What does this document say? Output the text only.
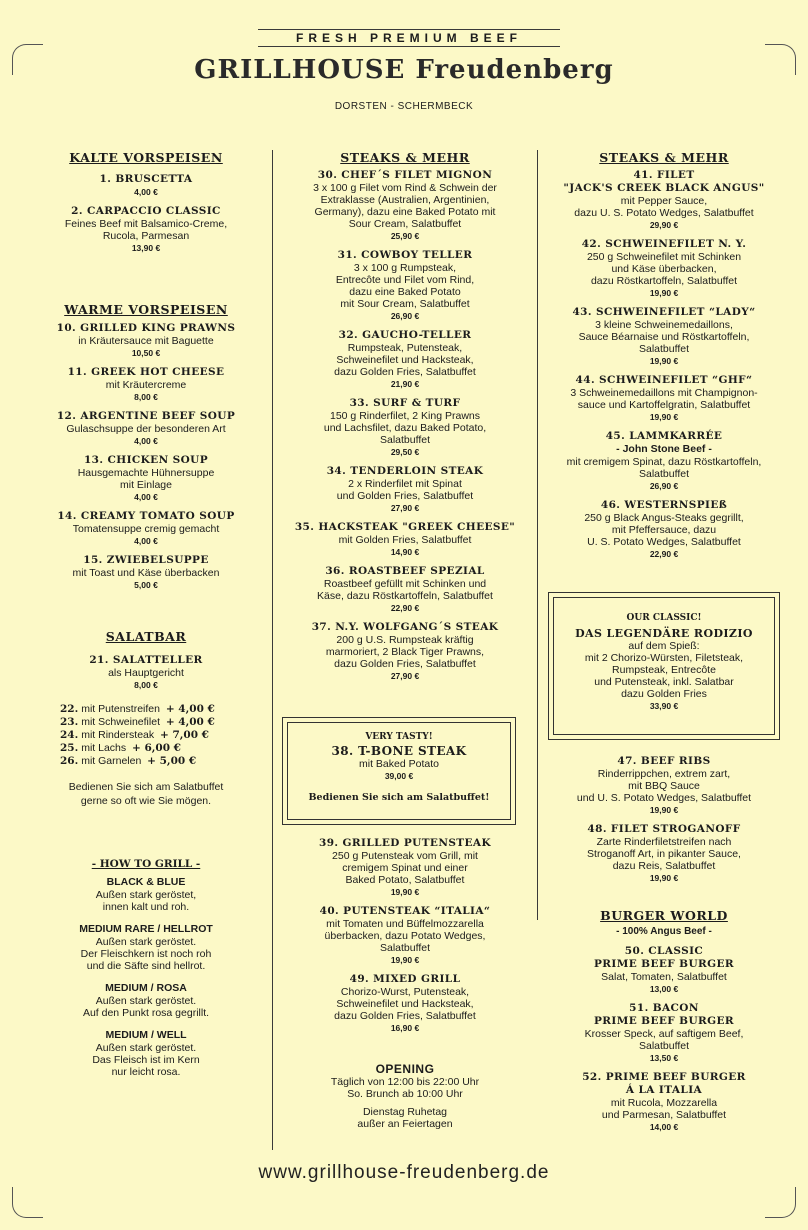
FRESH PREMIUM BEEF
GRILLHOUSE Freudenberg
DORSTEN - SCHERMBECK
KALTE VORSPEISEN
1. BRUSCETTA
4,00 €
2. CARPACCIO CLASSIC
Feines Beef mit Balsamico-Creme,
Rucola, Parmesan
13,90 €
WARME VORSPEISEN
10. GRILLED KING PRAWNS
in Kräutersauce mit Baguette
10,50 €
11. GREEK HOT CHEESE
mit Kräutercreme
8,00 €
12. ARGENTINE BEEF SOUP
Gulaschsuppe der besonderen Art
4,00 €
13. CHICKEN SOUP
Hausgemachte Hühnersuppe
mit Einlage
4,00 €
14. CREAMY TOMATO SOUP
Tomatensuppe cremig gemacht
4,00 €
15. ZWIEBELSUPPE
mit Toast und Käse überbacken
5,00 €
SALATBAR
21. SALATTELLER
als Hauptgericht
8,00 €
22. mit Putenstreifen + 4,00 €
23. mit Schweinefilet + 4,00 €
24. mit Rindersteak + 7,00 €
25. mit Lachs + 6,00 €
26. mit Garnelen + 5,00 €
Bedienen Sie sich am Salatbuffet
gerne so oft wie Sie mögen.
- HOW TO GRILL -
BLACK & BLUE
Außen stark geröstet,
innen kalt und roh.
MEDIUM RARE / HELLROT
Außen stark geröstet.
Der Fleischkern ist noch roh
und die Säfte sind hellrot.
MEDIUM / ROSA
Außen stark geröstet.
Auf den Punkt rosa gegrillt.
MEDIUM / WELL
Außen stark geröstet.
Das Fleisch ist im Kern
nur leicht rosa.
STEAKS & MEHR
30. CHEF´S FILET MIGNON
3 x 100 g Filet vom Rind & Schwein der
Extraklasse (Australien, Argentinien,
Germany), dazu eine Baked Potato mit
Sour Cream, Salatbuffet
25,90 €
31. COWBOY TELLER
3 x 100 g Rumpsteak,
Entrecôte und Filet vom Rind,
dazu eine Baked Potato
mit Sour Cream, Salatbuffet
26,90 €
32. GAUCHO-TELLER
Rumpsteak, Putensteak,
Schweinefilet und Hacksteak,
dazu Golden Fries, Salatbuffet
21,90 €
33. SURF & TURF
150 g Rinderfilet, 2 King Prawns
und Lachsfilet, dazu Baked Potato,
Salatbuffet
29,50 €
34. TENDERLOIN STEAK
2 x Rinderfilet mit Spinat
und Golden Fries, Salatbuffet
27,90 €
35. HACKSTEAK "GREEK CHEESE"
mit Golden Fries, Salatbuffet
14,90 €
36. ROASTBEEF SPEZIAL
Roastbeef gefüllt mit Schinken und
Käse, dazu Röstkartoffeln, Salatbuffet
22,90 €
37. N.Y. WOLFGANG´S STEAK
200 g U.S. Rumpsteak kräftig
marmoriert, 2 Black Tiger Prawns,
dazu Golden Fries, Salatbuffet
27,90 €
VERY TASTY!
38. T-BONE STEAK
mit Baked Potato
39,00 €
Bedienen Sie sich am Salatbuffet!
39. GRILLED PUTENSTEAK
250 g Putensteak vom Grill, mit
cremigem Spinat und einer
Baked Potato, Salatbuffet
19,90 €
40. PUTENSTEAK “ITALIA“
mit Tomaten und Büffelmozzarella
überbacken, dazu Potato Wedges,
Salatbuffet
19,90 €
49. MIXED GRILL
Chorizo-Wurst, Putensteak,
Schweinefilet und Hacksteak,
dazu Golden Fries, Salatbuffet
16,90 €
OPENING
Täglich von 12:00 bis 22:00 Uhr
So. Brunch ab 10:00 Uhr
Dienstag Ruhetag
außer an Feiertagen
STEAKS & MEHR
41. FILET
"JACK'S CREEK BLACK ANGUS"
mit Pepper Sauce,
dazu U. S. Potato Wedges, Salatbuffet
29,90 €
42. SCHWEINEFILET N. Y.
250 g Schweinefilet mit Schinken
und Käse überbacken,
dazu Röstkartoffeln, Salatbuffet
19,90 €
43. SCHWEINEFILET “LADY“
3 kleine Schweinemedaillons,
Sauce Béarnaise und Röstkartoffeln,
Salatbuffet
19,90 €
44. SCHWEINEFILET “GHF“
3 Schweinemedaillons mit Champignon-
sauce und Kartoffelgratin, Salatbuffet
19,90 €
45. LAMMKARRÉE
- John Stone Beef -
mit cremigem Spinat, dazu Röstkartoffeln,
Salatbuffet
26,90 €
46. WESTERNSPIEß
250 g Black Angus-Steaks gegrillt,
mit Pfeffersauce, dazu
U. S. Potato Wedges, Salatbuffet
22,90 €
OUR CLASSIC!
DAS LEGENDÄRE RODIZIO
auf dem Spieß:
mit 2 Chorizo-Würsten, Filetsteak,
Rumpsteak, Entrecôte
und Putensteak, inkl. Salatbar
dazu Golden Fries
33,90 €
47. BEEF RIBS
Rinderrippchen, extrem zart,
mit BBQ Sauce
und U. S. Potato Wedges, Salatbuffet
19,90 €
48. FILET STROGANOFF
Zarte Rinderfiletstreifen nach
Stroganoff Art, in pikanter Sauce,
dazu Reis, Salatbuffet
19,90 €
BURGER WORLD
- 100% Angus Beef -
50. CLASSIC
PRIME BEEF BURGER
Salat, Tomaten, Salatbuffet
13,00 €
51. BACON
PRIME BEEF BURGER
Krosser Speck, auf saftigem Beef,
Salatbuffet
13,50 €
52. PRIME BEEF BURGER
Á LA ITALIA
mit Rucola, Mozzarella
und Parmesan, Salatbuffet
14,00 €
www.grillhouse-freudenberg.de
